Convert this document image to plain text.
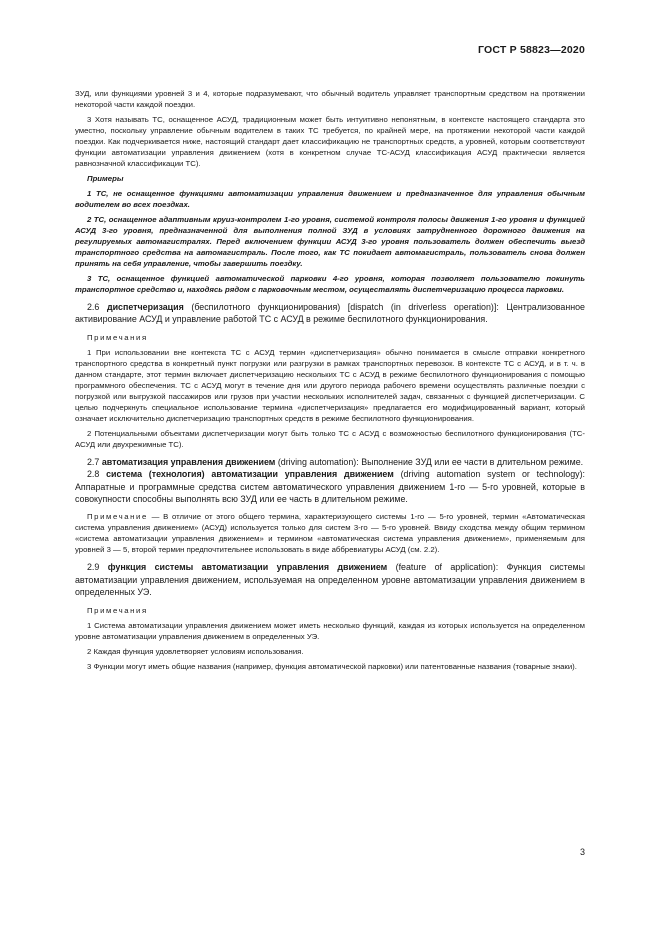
ГОСТ Р 58823—2020

ЗУД, или функциями уровней 3 и 4, которые подразумевают, что обычный водитель управляет транспортным средством на протяжении некоторой части каждой поездки.

3 Хотя называть ТС, оснащенное АСУД, традиционным может быть интуитивно непонятным, в контексте настоящего стандарта это уместно, поскольку управление обычным водителем в таких ТС требуется, по крайней мере, на протяжении некоторой части каждой поездки. Как подчеркивается ниже, настоящий стандарт дает классификацию не транспортных средств, а уровней, которым соответствуют функции автоматизации управления движением (хотя в конкретном случае ТС-АСУД классификация АСУД практически является равнозначной классификации ТС).

Примеры

1 ТС, не оснащенное функциями автоматизации управления движением и предназначенное для управления обычным водителем во всех поездках.

2 ТС, оснащенное адаптивным круиз-контролем 1-го уровня, системой контроля полосы движения 1-го уровня и функцией АСУД 3-го уровня, предназначенной для выполнения полной ЗУД в условиях затрудненного дорожного движения на регулируемых автомагистралях. Перед включением функции АСУД 3-го уровня пользователь должен обеспечить выезд транспортного средства на автомагистраль. После того, как ТС покидает автомагистраль, пользователь снова должен принять на себя управление, чтобы завершить поездку.

3 ТС, оснащенное функцией автоматической парковки 4-го уровня, которая позволяет пользователю покинуть транспортное средство и, находясь рядом с парковочным местом, осуществлять диспетчеризацию процесса парковки.

2.6 диспетчеризация (беспилотного функционирования) [dispatch (in driverless operation)]: Централизованное активирование АСУД и управление работой ТС с АСУД в режиме беспилотного функционирования.

Примечания

1 При использовании вне контекста ТС с АСУД термин «диспетчеризация» обычно понимается в смысле отправки конкретного транспортного средства в конкретный пункт погрузки или разгрузки в рамках транспортных перевозок. В контексте ТС с АСУД, и в т. ч. в данном стандарте, этот термин включает диспетчеризацию нескольких ТС с АСУД в режиме беспилотного функционирования с помощью программного обеспечения. ТС с АСУД могут в течение дня или другого периода рабочего времени осуществлять различные поездки с погрузкой или выгрузкой пассажиров или грузов при участии нескольких исполнителей задач, связанных с функцией диспетчеризации. С целью подчеркнуть специальное использование термина «диспетчеризация» предлагается его модифицированный вариант, который означает исключительно диспетчеризацию транспортных средств в режиме беспилотного функционирования.

2 Потенциальными объектами диспетчеризации могут быть только ТС с АСУД с возможностью беспилотного функционирования (ТС-АСУД или двухрежимные ТС).

2.7 автоматизация управления движением (driving automation): Выполнение ЗУД или ее части в длительном режиме.

2.8 система (технология) автоматизации управления движением (driving automation system or technology): Аппаратные и программные средства систем автоматического управления движением 1-го — 5-го уровней, которые в совокупности способны выполнять всю ЗУД или ее часть в длительном режиме.

Примечание — В отличие от этого общего термина, характеризующего системы 1-го — 5-го уровней, термин «Автоматическая система управления движением» (АСУД) используется только для систем 3-го — 5-го уровней. Ввиду сходства между общим термином «система автоматизации управления движением» и термином «автоматическая система управления движением», применяемым для уровней 3 — 5, второй термин предпочтительнее использовать в виде аббревиатуры АСУД (см. 2.2).

2.9 функция системы автоматизации управления движением (feature of application): Функция системы автоматизации управления движением, используемая на определенном уровне автоматизации управления движением в определенных УЭ.

Примечания

1 Система автоматизации управления движением может иметь несколько функций, каждая из которых используется на определенном уровне автоматизации управления движением в определенных УЭ.

2 Каждая функция удовлетворяет условиям использования.

3 Функции могут иметь общие названия (например, функция автоматической парковки) или патентованные названия (товарные знаки).

3
